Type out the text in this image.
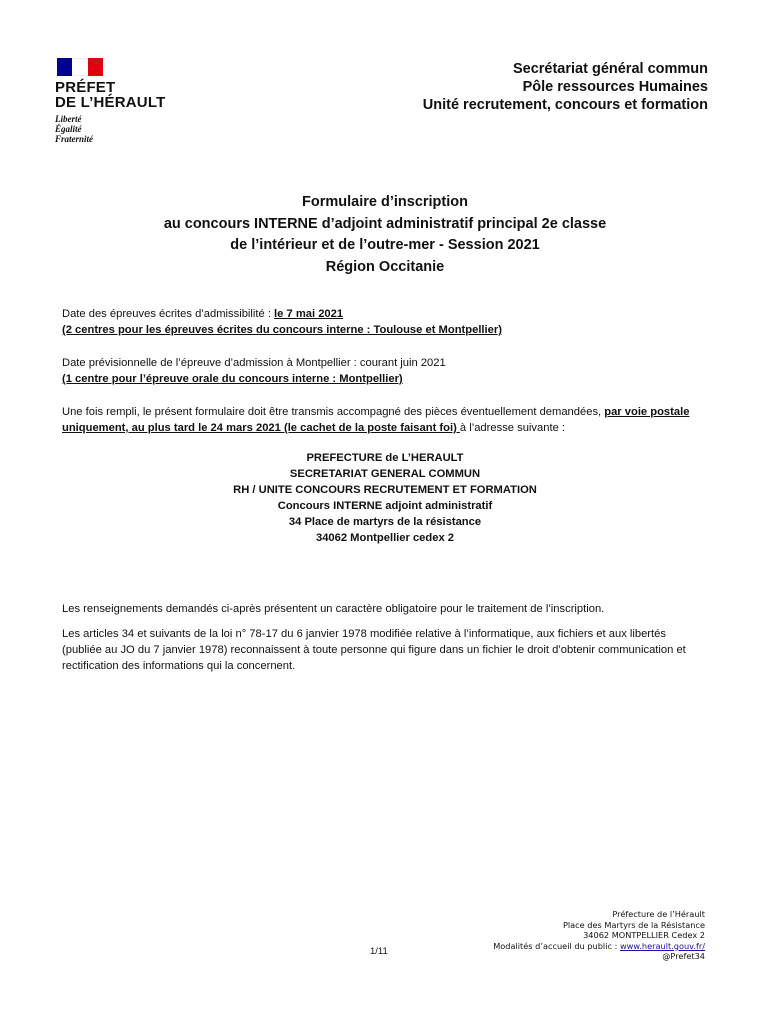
PRÉFET
DE L’HÉRAULT
Liberté
Égalité
Fraternité
Secrétariat général commun
Pôle ressources Humaines
Unité recrutement, concours et formation
Formulaire d’inscription
au concours INTERNE d’adjoint administratif principal 2e classe
de l’intérieur et de l’outre-mer - Session 2021
Région Occitanie
Date des épreuves écrites d’admissibilité : le 7 mai 2021
(2 centres pour les épreuves écrites du concours interne : Toulouse et Montpellier)
Date prévisionnelle de l’épreuve d’admission à Montpellier : courant juin 2021
(1 centre pour l’épreuve orale du concours interne : Montpellier)
Une fois rempli, le présent formulaire doit être transmis accompagné des pièces éventuellement demandées, par voie postale uniquement, au plus tard le 24 mars 2021 (le cachet de la poste faisant foi) à l’adresse suivante :
PREFECTURE de L’HERAULT
SECRETARIAT GENERAL COMMUN
RH / UNITE CONCOURS RECRUTEMENT ET FORMATION
Concours INTERNE adjoint administratif
34 Place de martyrs de la résistance
34062 Montpellier cedex 2
Les renseignements demandés ci-après présentent un caractère obligatoire pour le traitement de l’inscription.
Les articles 34 et suivants de la loi n° 78-17 du 6 janvier 1978 modifiée relative à l’informatique, aux fichiers et aux libertés (publiée au JO du 7 janvier 1978) reconnaissent à toute personne qui figure dans un fichier le droit d’obtenir communication et rectification des informations qui la concernent.
1/11
Préfecture de l’Hérault
Place des Martyrs de la Résistance
34062 MONTPELLIER Cedex 2
Modalités d’accueil du public : www.herault.gouv.fr/
@Prefet34
